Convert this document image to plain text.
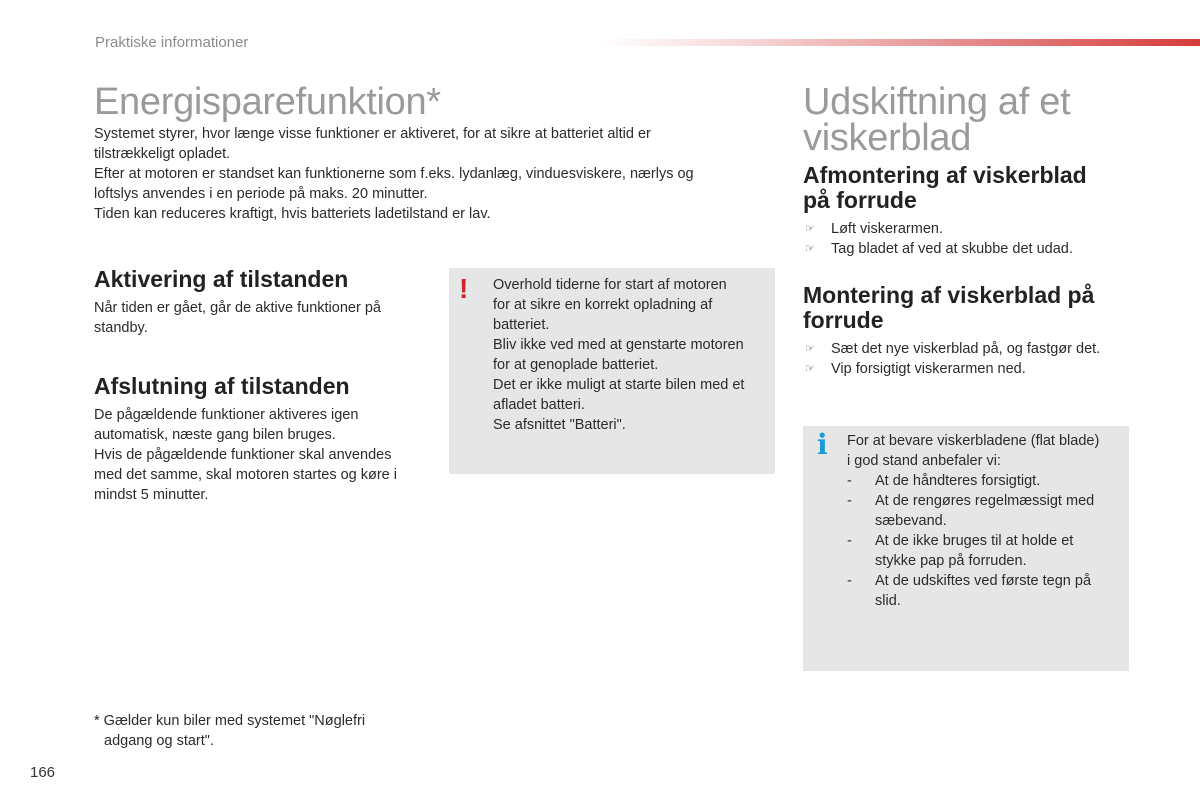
Praktiske informationer
Energisparefunktion*
Systemet styrer, hvor længe visse funktioner er aktiveret, for at sikre at batteriet altid er
tilstrækkeligt opladet.
Efter at motoren er standset kan funktionerne som f.eks. lydanlæg, vinduesviskere, nærlys og
loftslys anvendes i en periode på maks. 20 minutter.
Tiden kan reduceres kraftigt, hvis batteriets ladetilstand er lav.
Aktivering af tilstanden
Når tiden er gået, går de aktive funktioner på
standby.
Afslutning af tilstanden
De pågældende funktioner aktiveres igen
automatisk, næste gang bilen bruges.
Hvis de pågældende funktioner skal anvendes
med det samme, skal motoren startes og køre i
mindst 5 minutter.
! Overhold tiderne for start af motoren
for at sikre en korrekt opladning af
batteriet.
Bliv ikke ved med at genstarte motoren
for at genoplade batteriet.
Det er ikke muligt at starte bilen med et
afladet batteri.
Se afsnittet "Batteri".
* Gælder kun biler med systemet "Nøglefri
adgang og start".
Udskiftning af et
viskerblad
Afmontering af viskerblad
på forrude
☞ Løft viskerarmen.
☞ Tag bladet af ved at skubbe det udad.
Montering af viskerblad på
forrude
☞ Sæt det nye viskerblad på, og fastgør det.
☞ Vip forsigtigt viskerarmen ned.
i For at bevare viskerbladene (flat blade)
i god stand anbefaler vi:
- At de håndteres forsigtigt.
- At de rengøres regelmæssigt med
sæbevand.
- At de ikke bruges til at holde et
stykke pap på forruden.
- At de udskiftes ved første tegn på
slid.
166
